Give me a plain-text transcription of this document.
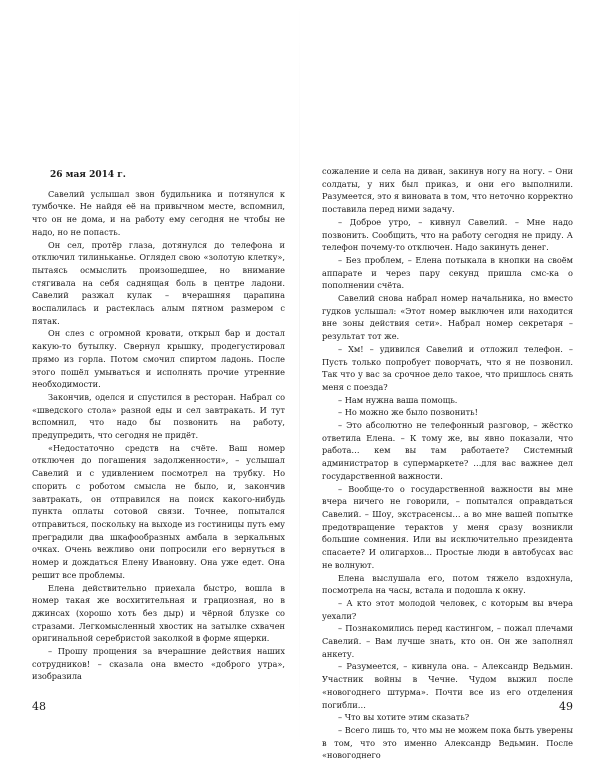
26 мая 2014 г.

Савелий услышал звон будильника и потянулся к тумбочке. Не найдя её на привычном месте, вспомнил, что он не дома, и на работу ему сегодня не чтобы не надо, но не попасть.

Он сел, протёр глаза, дотянулся до телефона и отключил тилиньканье. Оглядел свою «золотую клетку», пытаясь осмыслить произошедшее, но внимание стягивала на себя саднящая боль в центре ладони. Савелий разжал кулак – вчерашняя царапина воспалилась и растеклась алым пятном размером с пятак.

Он слез с огромной кровати, открыл бар и достал какую-то бутылку. Свернул крышку, продегустировал прямо из горла. Потом смочил спиртом ладонь. После этого пошёл умываться и исполнять прочие утренние необходимости.

Закончив, оделся и спустился в ресторан. Набрал со «шведского стола» разной еды и сел завтракать. И тут вспомнил, что надо бы позвонить на работу, предупредить, что сегодня не придёт.

«Недостаточно средств на счёте. Ваш номер отключен до погашения задолженности», – услышал Савелий и с удивлением посмотрел на трубку. Но спорить с роботом смысла не было, и, закончив завтракать, он отправился на поиск какого-нибудь пункта оплаты сотовой связи. Точнее, попытался отправиться, поскольку на выходе из гостиницы путь ему преградили два шкафообразных амбала в зеркальных очках. Очень вежливо они попросили его вернуться в номер и дождаться Елену Ивановну. Она уже едет. Она решит все проблемы.

Елена действительно приехала быстро, вошла в номер такая же восхитительная и грациозная, но в джинсах (хорошо хоть без дыр) и чёрной блузке со стразами. Легкомысленный хвостик на затылке схвачен оригинальной серебристой заколкой в форме ящерки.

– Прошу прощения за вчерашние действия наших сотрудников! – сказала она вместо «доброго утра», изобразила

48

сожаление и села на диван, закинув ногу на ногу. – Они солдаты, у них был приказ, и они его выполнили. Разумеется, это я виновата в том, что неточно корректно поставила перед ними задачу.

– Доброе утро, – кивнул Савелий. – Мне надо позвонить. Сообщить, что на работу сегодня не приду. А телефон почему-то отключен. Надо закинуть денег.

– Без проблем, – Елена потыкала в кнопки на своём аппарате и через пару секунд пришла смс-ка о пополнении счёта.

Савелий снова набрал номер начальника, но вместо гудков услышал: «Этот номер выключен или находится вне зоны действия сети». Набрал номер секретаря – результат тот же.

– Хм! – удивился Савелий и отложил телефон. – Пусть только попробует поворчать, что я не позвонил. Так что у вас за срочное дело такое, что пришлось снять меня с поезда?

– Нам нужна ваша помощь.

– Но можно же было позвонить!

– Это абсолютно не телефонный разговор, – жёстко ответила Елена. – К тому же, вы явно показали, что работа… кем вы там работаете? Системный администратор в супермаркете? …для вас важнее дел государственной важности.

– Вообще-то о государственной важности вы мне вчера ничего не говорили, – попытался оправдаться Савелий. – Шоу, экстрасенсы… а во мне вашей попытке предотвращение терактов у меня сразу возникли большие сомнения. Или вы исключительно президента спасаете? И олигархов… Простые люди в автобусах вас не волнуют.

Елена выслушала его, потом тяжело вздохнула, посмотрела на часы, встала и подошла к окну.

– А кто этот молодой человек, с которым вы вчера уехали?

– Познакомились перед кастингом, – пожал плечами Савелий. – Вам лучше знать, кто он. Он же заполнял анкету.

– Разумеется, – кивнула она. – Александр Ведьмин. Участник войны в Чечне. Чудом выжил после «новогоднего штурма». Почти все из его отделения погибли…

– Что вы хотите этим сказать?

– Всего лишь то, что мы не можем пока быть уверены в том, что это именно Александр Ведьмин. После «новогоднего

49
